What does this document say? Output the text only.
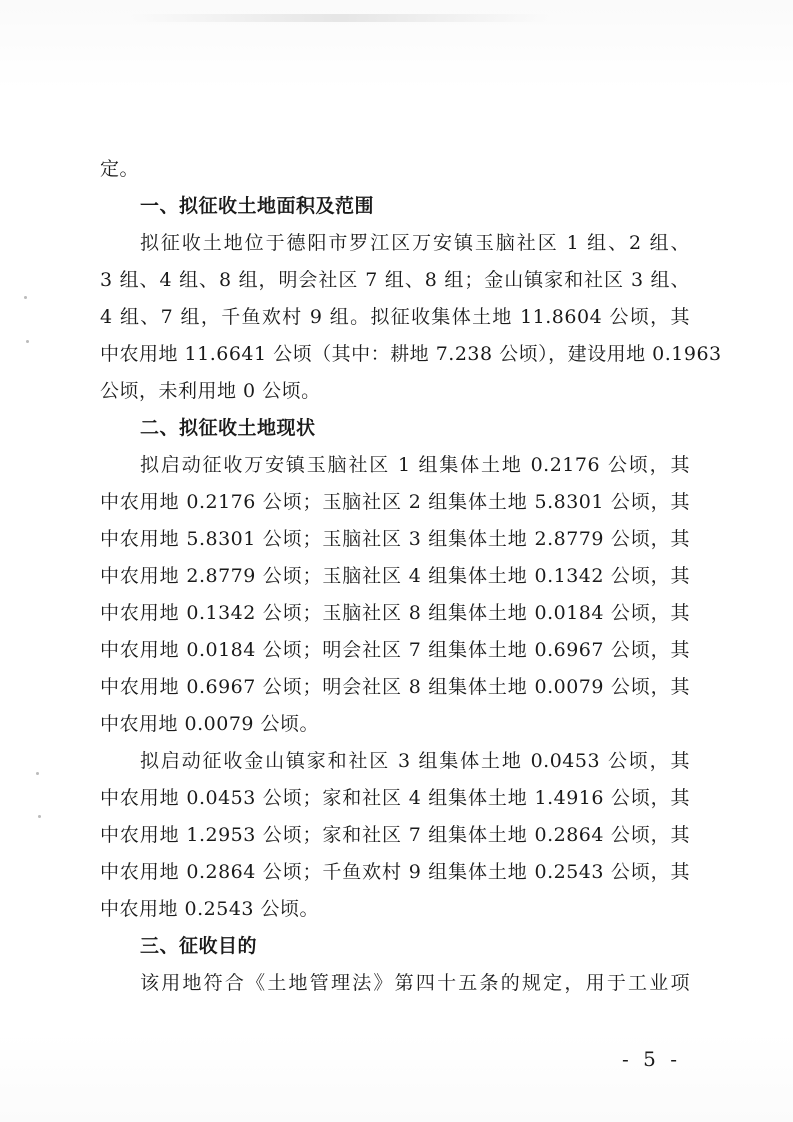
定。
一、拟征收土地面积及范围
拟征收土地位于德阳市罗江区万安镇玉脑社区 1 组、2 组、
3 组、4 组、8 组，明会社区 7 组、8 组；金山镇家和社区 3 组、
4 组、7 组，千鱼欢村 9 组。拟征收集体土地 11.8604 公顷，其
中农用地 11.6641 公顷（其中：耕地 7.238 公顷），建设用地 0.1963
公顷，未利用地 0 公顷。
二、拟征收土地现状
拟启动征收万安镇玉脑社区 1 组集体土地 0.2176 公顷，其
中农用地 0.2176 公顷；玉脑社区 2 组集体土地 5.8301 公顷，其
中农用地 5.8301 公顷；玉脑社区 3 组集体土地 2.8779 公顷，其
中农用地 2.8779 公顷；玉脑社区 4 组集体土地 0.1342 公顷，其
中农用地 0.1342 公顷；玉脑社区 8 组集体土地 0.0184 公顷，其
中农用地 0.0184 公顷；明会社区 7 组集体土地 0.6967 公顷，其
中农用地 0.6967 公顷；明会社区 8 组集体土地 0.0079 公顷，其
中农用地 0.0079 公顷。
拟启动征收金山镇家和社区 3 组集体土地 0.0453 公顷，其
中农用地 0.0453 公顷；家和社区 4 组集体土地 1.4916 公顷，其
中农用地 1.2953 公顷；家和社区 7 组集体土地 0.2864 公顷，其
中农用地 0.2864 公顷；千鱼欢村 9 组集体土地 0.2543 公顷，其
中农用地 0.2543 公顷。
三、征收目的
该用地符合《土地管理法》第四十五条的规定，用于工业项
- 5 -
